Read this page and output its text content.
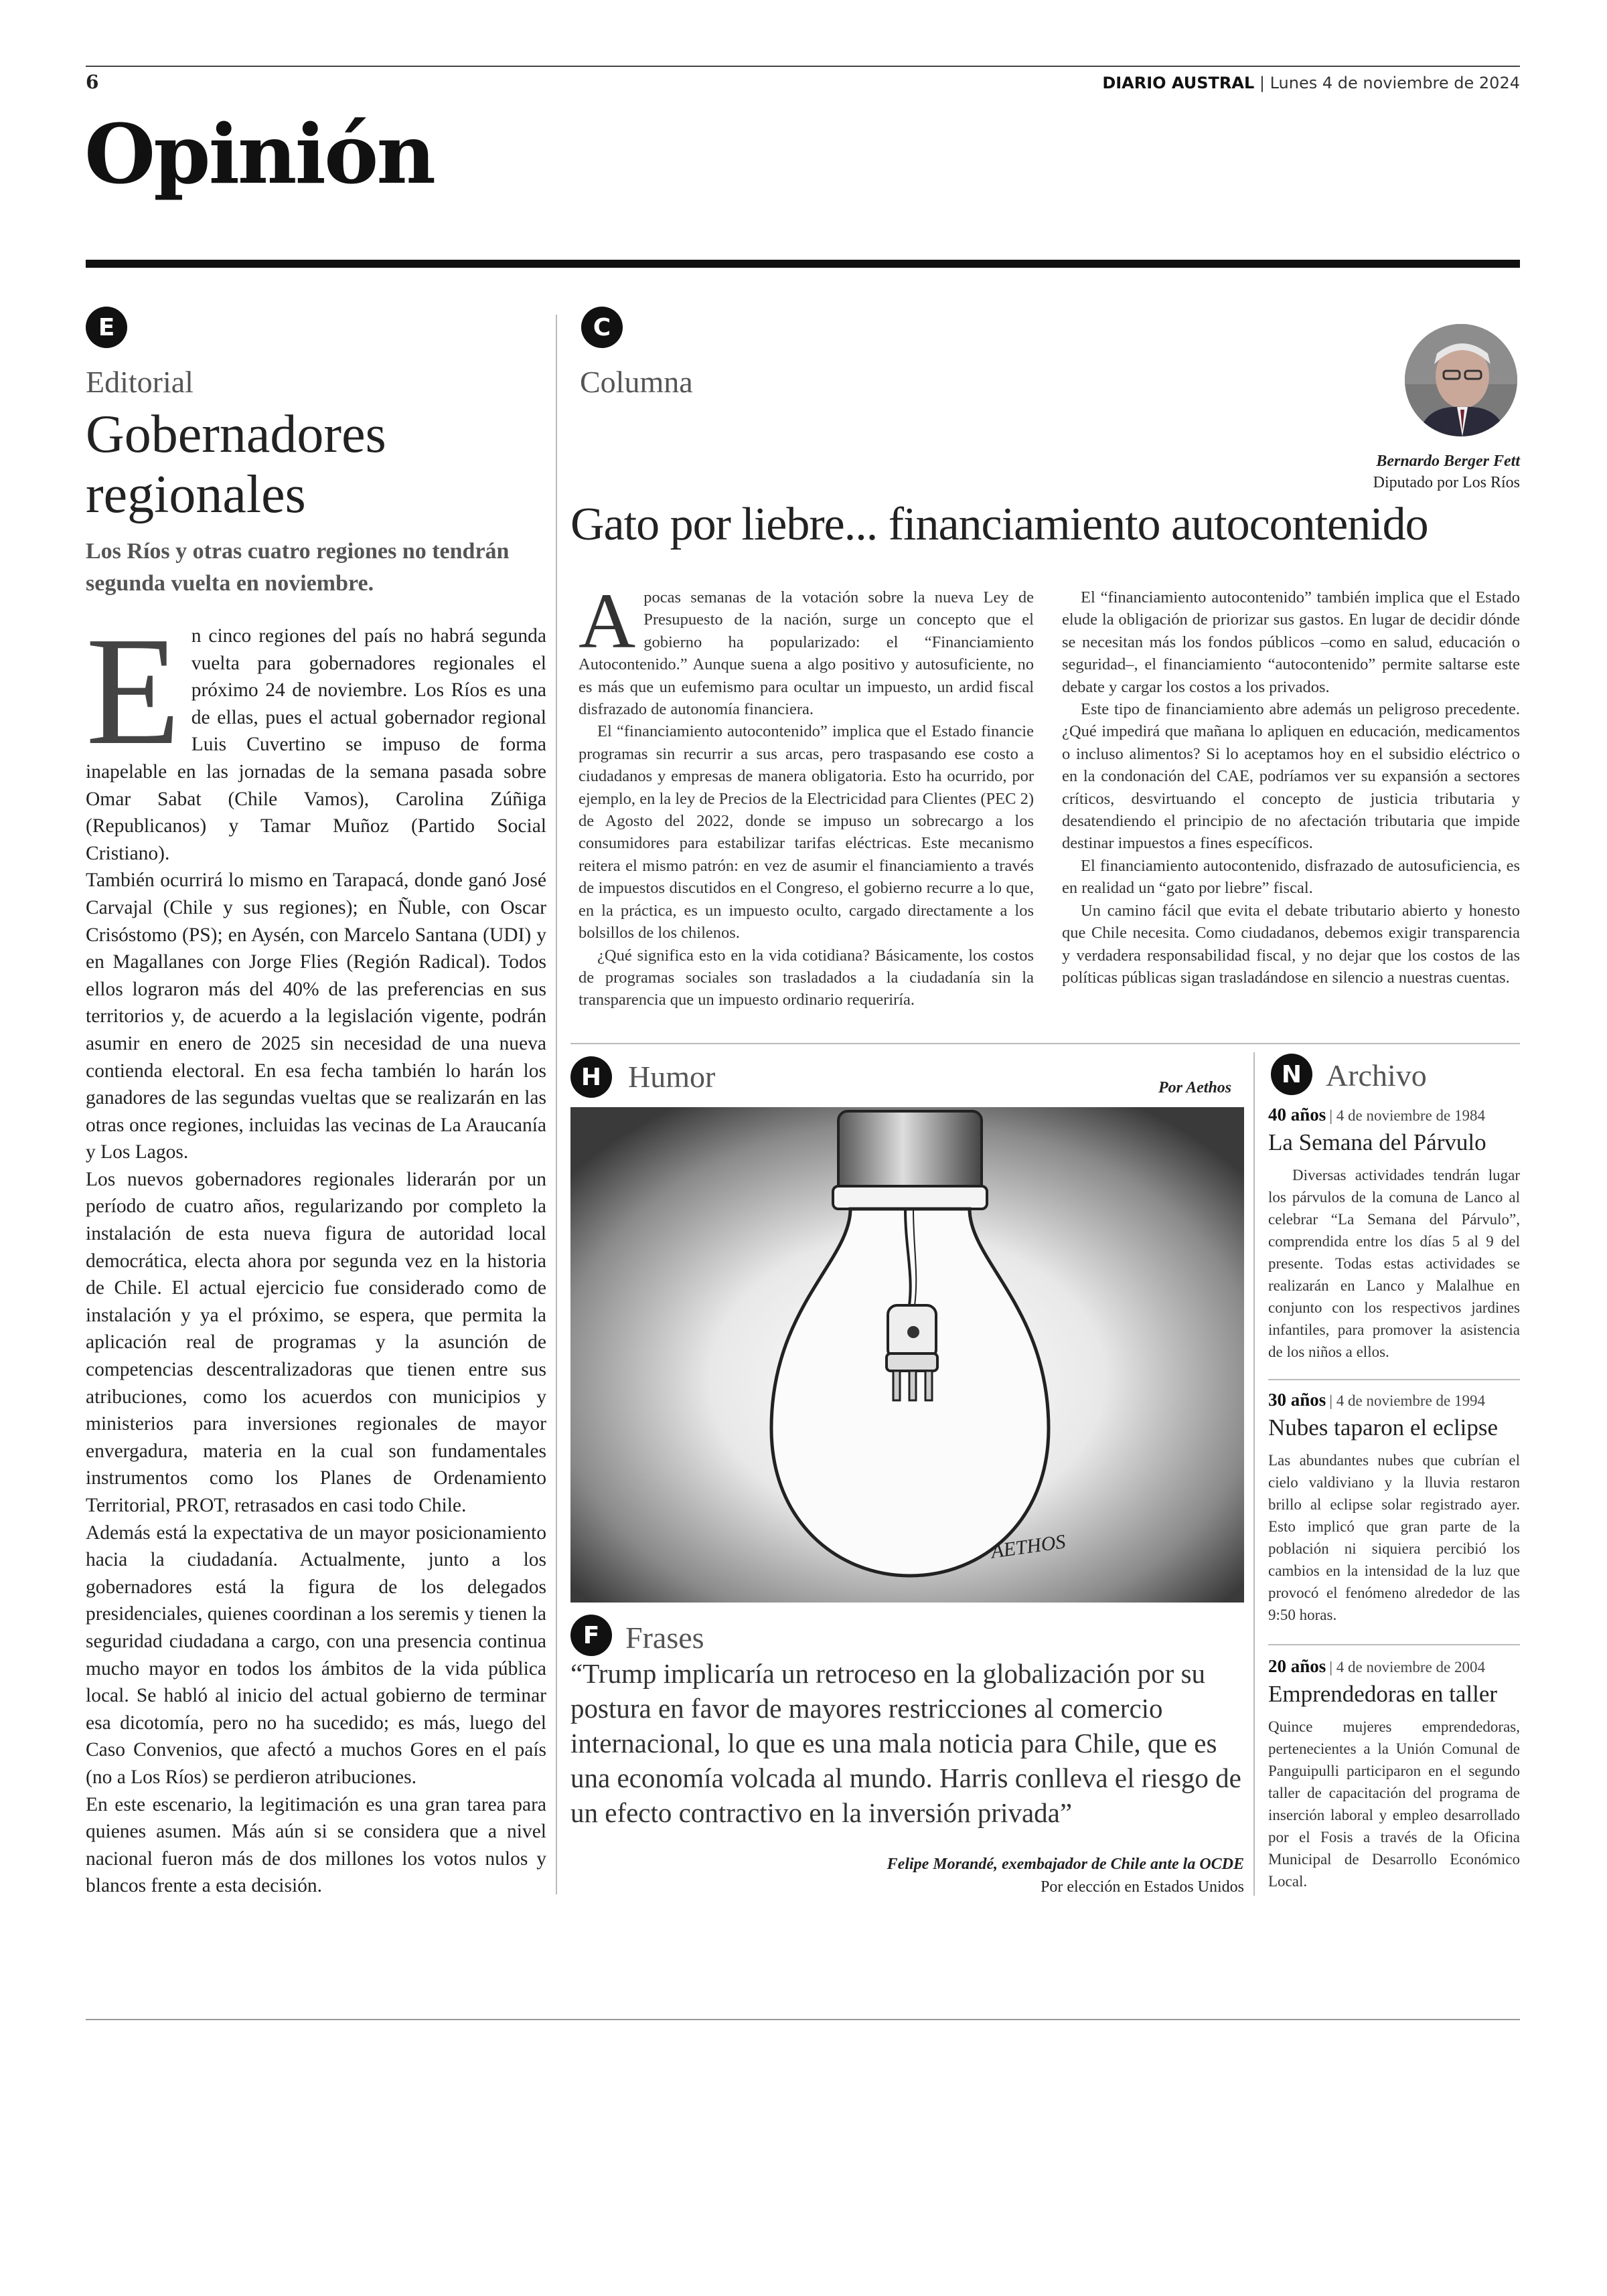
6	DIARIO AUSTRAL | Lunes 4 de noviembre de 2024
Opinión
E
Editorial
Gobernadores regionales
Los Ríos y otras cuatro regiones no tendrán segunda vuelta en noviembre.
E n cinco regiones del país no habrá segunda vuelta para gobernadores regionales el próximo 24 de noviembre. Los Ríos es una de ellas, pues el actual gobernador regional Luis Cuvertino se impuso de forma inapelable en las jornadas de la semana pasada sobre Omar Sabat (Chile Vamos), Carolina Zúñiga (Republicanos) y Tamar Muñoz (Partido Social Cristiano).

También ocurrirá lo mismo en Tarapacá, donde ganó José Carvajal (Chile y sus regiones); en Ñuble, con Oscar Crisóstomo (PS); en Aysén, con Marcelo Santana (UDI) y en Magallanes con Jorge Flies (Región Radical). Todos ellos lograron más del 40% de las preferencias en sus territorios y, de acuerdo a la legislación vigente, podrán asumir en enero de 2025 sin necesidad de una nueva contienda electoral. En esa fecha también lo harán los ganadores de las segundas vueltas que se realizarán en las otras once regiones, incluidas las vecinas de La Araucanía y Los Lagos.

Los nuevos gobernadores regionales liderarán por un período de cuatro años, regularizando por completo la instalación de esta nueva figura de autoridad local democrática, electa ahora por segunda vez en la historia de Chile. El actual ejercicio fue considerado como de instalación y ya el próximo, se espera, que permita la aplicación real de programas y la asunción de competencias descentralizadoras que tienen entre sus atribuciones, como los acuerdos con municipios y ministerios para inversiones regionales de mayor envergadura, materia en la cual son fundamentales instrumentos como los Planes de Ordenamiento Territorial, PROT, retrasados en casi todo Chile.

Además está la expectativa de un mayor posicionamiento hacia la ciudadanía. Actualmente, junto a los gobernadores está la figura de los delegados presidenciales, quienes coordinan a los seremis y tienen la seguridad ciudadana a cargo, con una presencia continua mucho mayor en todos los ámbitos de la vida pública local. Se habló al inicio del actual gobierno de terminar esa dicotomía, pero no ha sucedido; es más, luego del Caso Convenios, que afectó a muchos Gores en el país (no a Los Ríos) se perdieron atribuciones.

En este escenario, la legitimación es una gran tarea para quienes asumen. Más aún si se considera que a nivel nacional fueron más de dos millones los votos nulos y blancos frente a esta decisión.

C
Columna
Bernardo Berger Fett
Diputado por Los Ríos
Gato por liebre... financiamiento autocontenido

A pocas semanas de la votación sobre la nueva Ley de Presupuesto de la nación, surge un concepto que el gobierno ha popularizado: el “Financiamiento Autocontenido.” Aunque suena a algo positivo y autosuficiente, no es más que un eufemismo para ocultar un impuesto, un ardid fiscal disfrazado de autonomía financiera.

El “financiamiento autocontenido” implica que el Estado financie programas sin recurrir a sus arcas, pero traspasando ese costo a ciudadanos y empresas de manera obligatoria. Esto ha ocurrido, por ejemplo, en la ley de Precios de la Electricidad para Clientes (PEC 2) de Agosto del 2022, donde se impuso un sobrecargo a los consumidores para estabilizar tarifas eléctricas. Este mecanismo reitera el mismo patrón: en vez de asumir el financiamiento a través de impuestos discutidos en el Congreso, el gobierno recurre a lo que, en la práctica, es un impuesto oculto, cargado directamente a los bolsillos de los chilenos.

¿Qué significa esto en la vida cotidiana? Básicamente, los costos de programas sociales son trasladados a la ciudadanía sin la transparencia que un impuesto ordinario requeriría.

El “financiamiento autocontenido” también implica que el Estado elude la obligación de priorizar sus gastos. En lugar de decidir dónde se necesitan más los fondos públicos –como en salud, educación o seguridad–, el financiamiento “autocontenido” permite saltarse este debate y cargar los costos a los privados.

Este tipo de financiamiento abre además un peligroso precedente. ¿Qué impedirá que mañana lo apliquen en educación, medicamentos o incluso alimentos? Si lo aceptamos hoy en el subsidio eléctrico o en la condonación del CAE, podríamos ver su expansión a sectores críticos, desvirtuando el concepto de justicia tributaria y desatendiendo el principio de no afectación tributaria que impide destinar impuestos a fines específicos.

El financiamiento autocontenido, disfrazado de autosuficiencia, es en realidad un “gato por liebre” fiscal.

Un camino fácil que evita el debate tributario abierto y honesto que Chile necesita. Como ciudadanos, debemos exigir transparencia y verdadera responsabilidad fiscal, y no dejar que los costos de las políticas públicas sigan trasladándose en silencio a nuestras cuentas.

H Humor	Por Aethos
AETHOS
F Frases
“Trump implicaría un retroceso en la globalización por su postura en favor de mayores restricciones al comercio internacional, lo que es una mala noticia para Chile, que es una economía volcada al mundo. Harris conlleva el riesgo de un efecto contractivo en la inversión privada”
Felipe Morandé, exembajador de Chile ante la OCDE
Por elección en Estados Unidos
N Archivo
40 años | 4 de noviembre de 1984
La Semana del Párvulo
Diversas actividades tendrán lugar los párvulos de la comuna de Lanco al celebrar “La Semana del Párvulo”, comprendida entre los días 5 al 9 del presente. Todas estas actividades se realizarán en Lanco y Malalhue en conjunto con los respectivos jardines infantiles, para promover la asistencia de los niños a ellos.
30 años | 4 de noviembre de 1994
Nubes taparon el eclipse
Las abundantes nubes que cubrían el cielo valdiviano y la lluvia restaron brillo al eclipse solar registrado ayer. Esto implicó que gran parte de la población ni siquiera percibió los cambios en la intensidad de la luz que provocó el fenómeno alrededor de las 9:50 horas.
20 años | 4 de noviembre de 2004
Emprendedoras en taller
Quince mujeres emprendedoras, pertenecientes a la Unión Comunal de Panguipulli participaron en el segundo taller de capacitación del programa de inserción laboral y empleo desarrollado por el Fosis a través de la Oficina Municipal de Desarrollo Económico Local.
